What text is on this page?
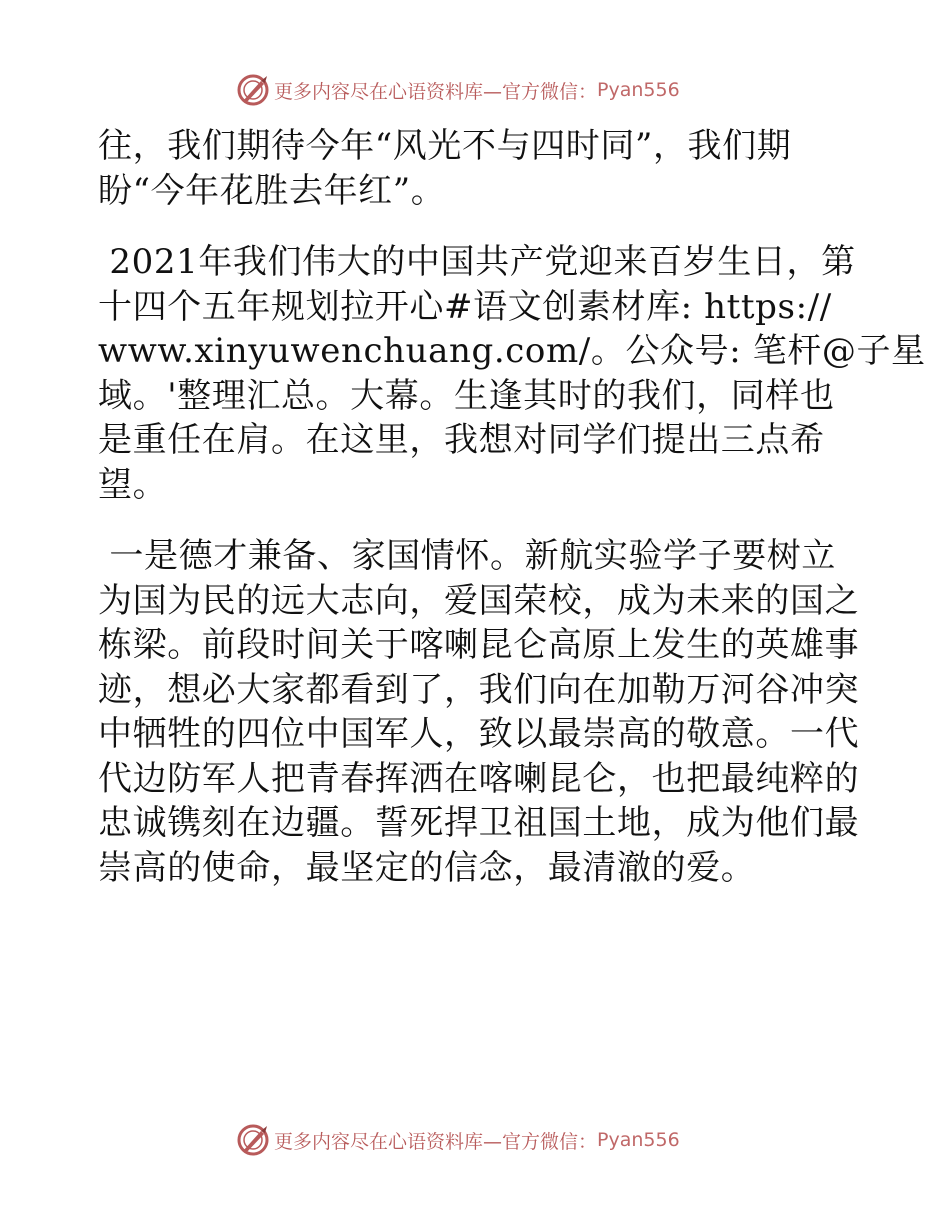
更多内容尽在心语资料库—官方微信： Pyan556
往，我们期待今年“风光不与四时同”，我们期
盼“今年花胜去年红”。
2021年我们伟大的中国共产党迎来百岁生日，第
十四个五年规划拉开心#语文创素材库: https://
www.xinyuwenchuang.com/。公众号: 笔杆@子星
域。'整理汇总。大幕。生逢其时的我们，同样也
是重任在肩。在这里，我想对同学们提出三点希
望。
一是德才兼备、家国情怀。新航实验学子要树立
为国为民的远大志向，爱国荣校，成为未来的国之
栋梁。前段时间关于喀喇昆仑高原上发生的英雄事
迹，想必大家都看到了，我们向在加勒万河谷冲突
中牺牲的四位中国军人，致以最崇高的敬意。一代
代边防军人把青春挥洒在喀喇昆仑，也把最纯粹的
忠诚镌刻在边疆。誓死捍卫祖国土地，成为他们最
崇高的使命，最坚定的信念，最清澈的爱。
更多内容尽在心语资料库—官方微信： Pyan556
